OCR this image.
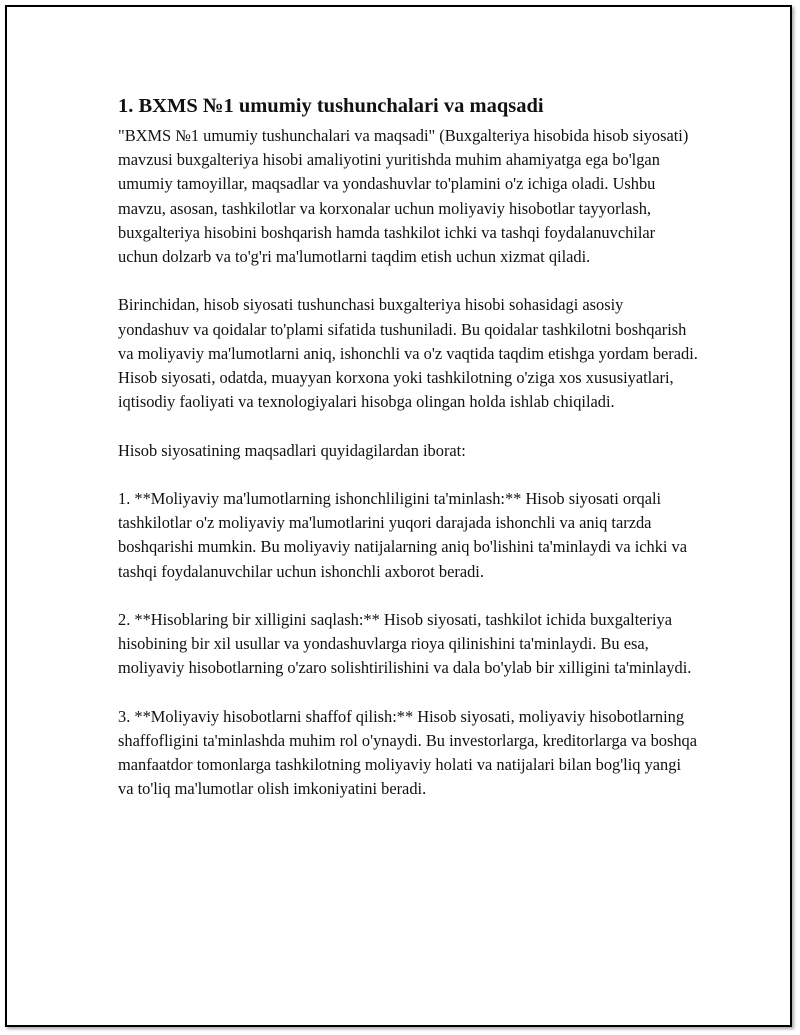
1. BXMS №1 umumiy tushunchalari va maqsadi

"BXMS №1 umumiy tushunchalari va maqsadi" (Buxgalteriya hisobida hisob siyosati) mavzusi buxgalteriya hisobi amaliyotini yuritishda muhim ahamiyatga ega bo'lgan umumiy tamoyillar, maqsadlar va yondashuvlar to'plamini o'z ichiga oladi. Ushbu mavzu, asosan, tashkilotlar va korxonalar uchun moliyaviy hisobotlar tayyorlash, buxgalteriya hisobini boshqarish hamda tashkilot ichki va tashqi foydalanuvchilar uchun dolzarb va to'g'ri ma'lumotlarni taqdim etish uchun xizmat qiladi.

Birinchidan, hisob siyosati tushunchasi buxgalteriya hisobi sohasidagi asosiy yondashuv va qoidalar to'plami sifatida tushuniladi. Bu qoidalar tashkilotni boshqarish va moliyaviy ma'lumotlarni aniq, ishonchli va o'z vaqtida taqdim etishga yordam beradi. Hisob siyosati, odatda, muayyan korxona yoki tashkilotning o'ziga xos xususiyatlari, iqtisodiy faoliyati va texnologiyalari hisobga olingan holda ishlab chiqiladi.

Hisob siyosatining maqsadlari quyidagilardan iborat:

1. **Moliyaviy ma'lumotlarning ishonchliligini ta'minlash:** Hisob siyosati orqali tashkilotlar o'z moliyaviy ma'lumotlarini yuqori darajada ishonchli va aniq tarzda boshqarishi mumkin. Bu moliyaviy natijalarning aniq bo'lishini ta'minlaydi va ichki va tashqi foydalanuvchilar uchun ishonchli axborot beradi.

2. **Hisoblaring bir xilligini saqlash:** Hisob siyosati, tashkilot ichida buxgalteriya hisobining bir xil usullar va yondashuvlarga rioya qilinishini ta'minlaydi. Bu esa, moliyaviy hisobotlarning o'zaro solishtirilishini va dala bo'ylab bir xilligini ta'minlaydi.

3. **Moliyaviy hisobotlarni shaffof qilish:** Hisob siyosati, moliyaviy hisobotlarning shaffofligini ta'minlashda muhim rol o'ynaydi. Bu investorlarga, kreditorlarga va boshqa manfaatdor tomonlarga tashkilotning moliyaviy holati va natijalari bilan bog'liq yangi va to'liq ma'lumotlar olish imkoniyatini beradi.
